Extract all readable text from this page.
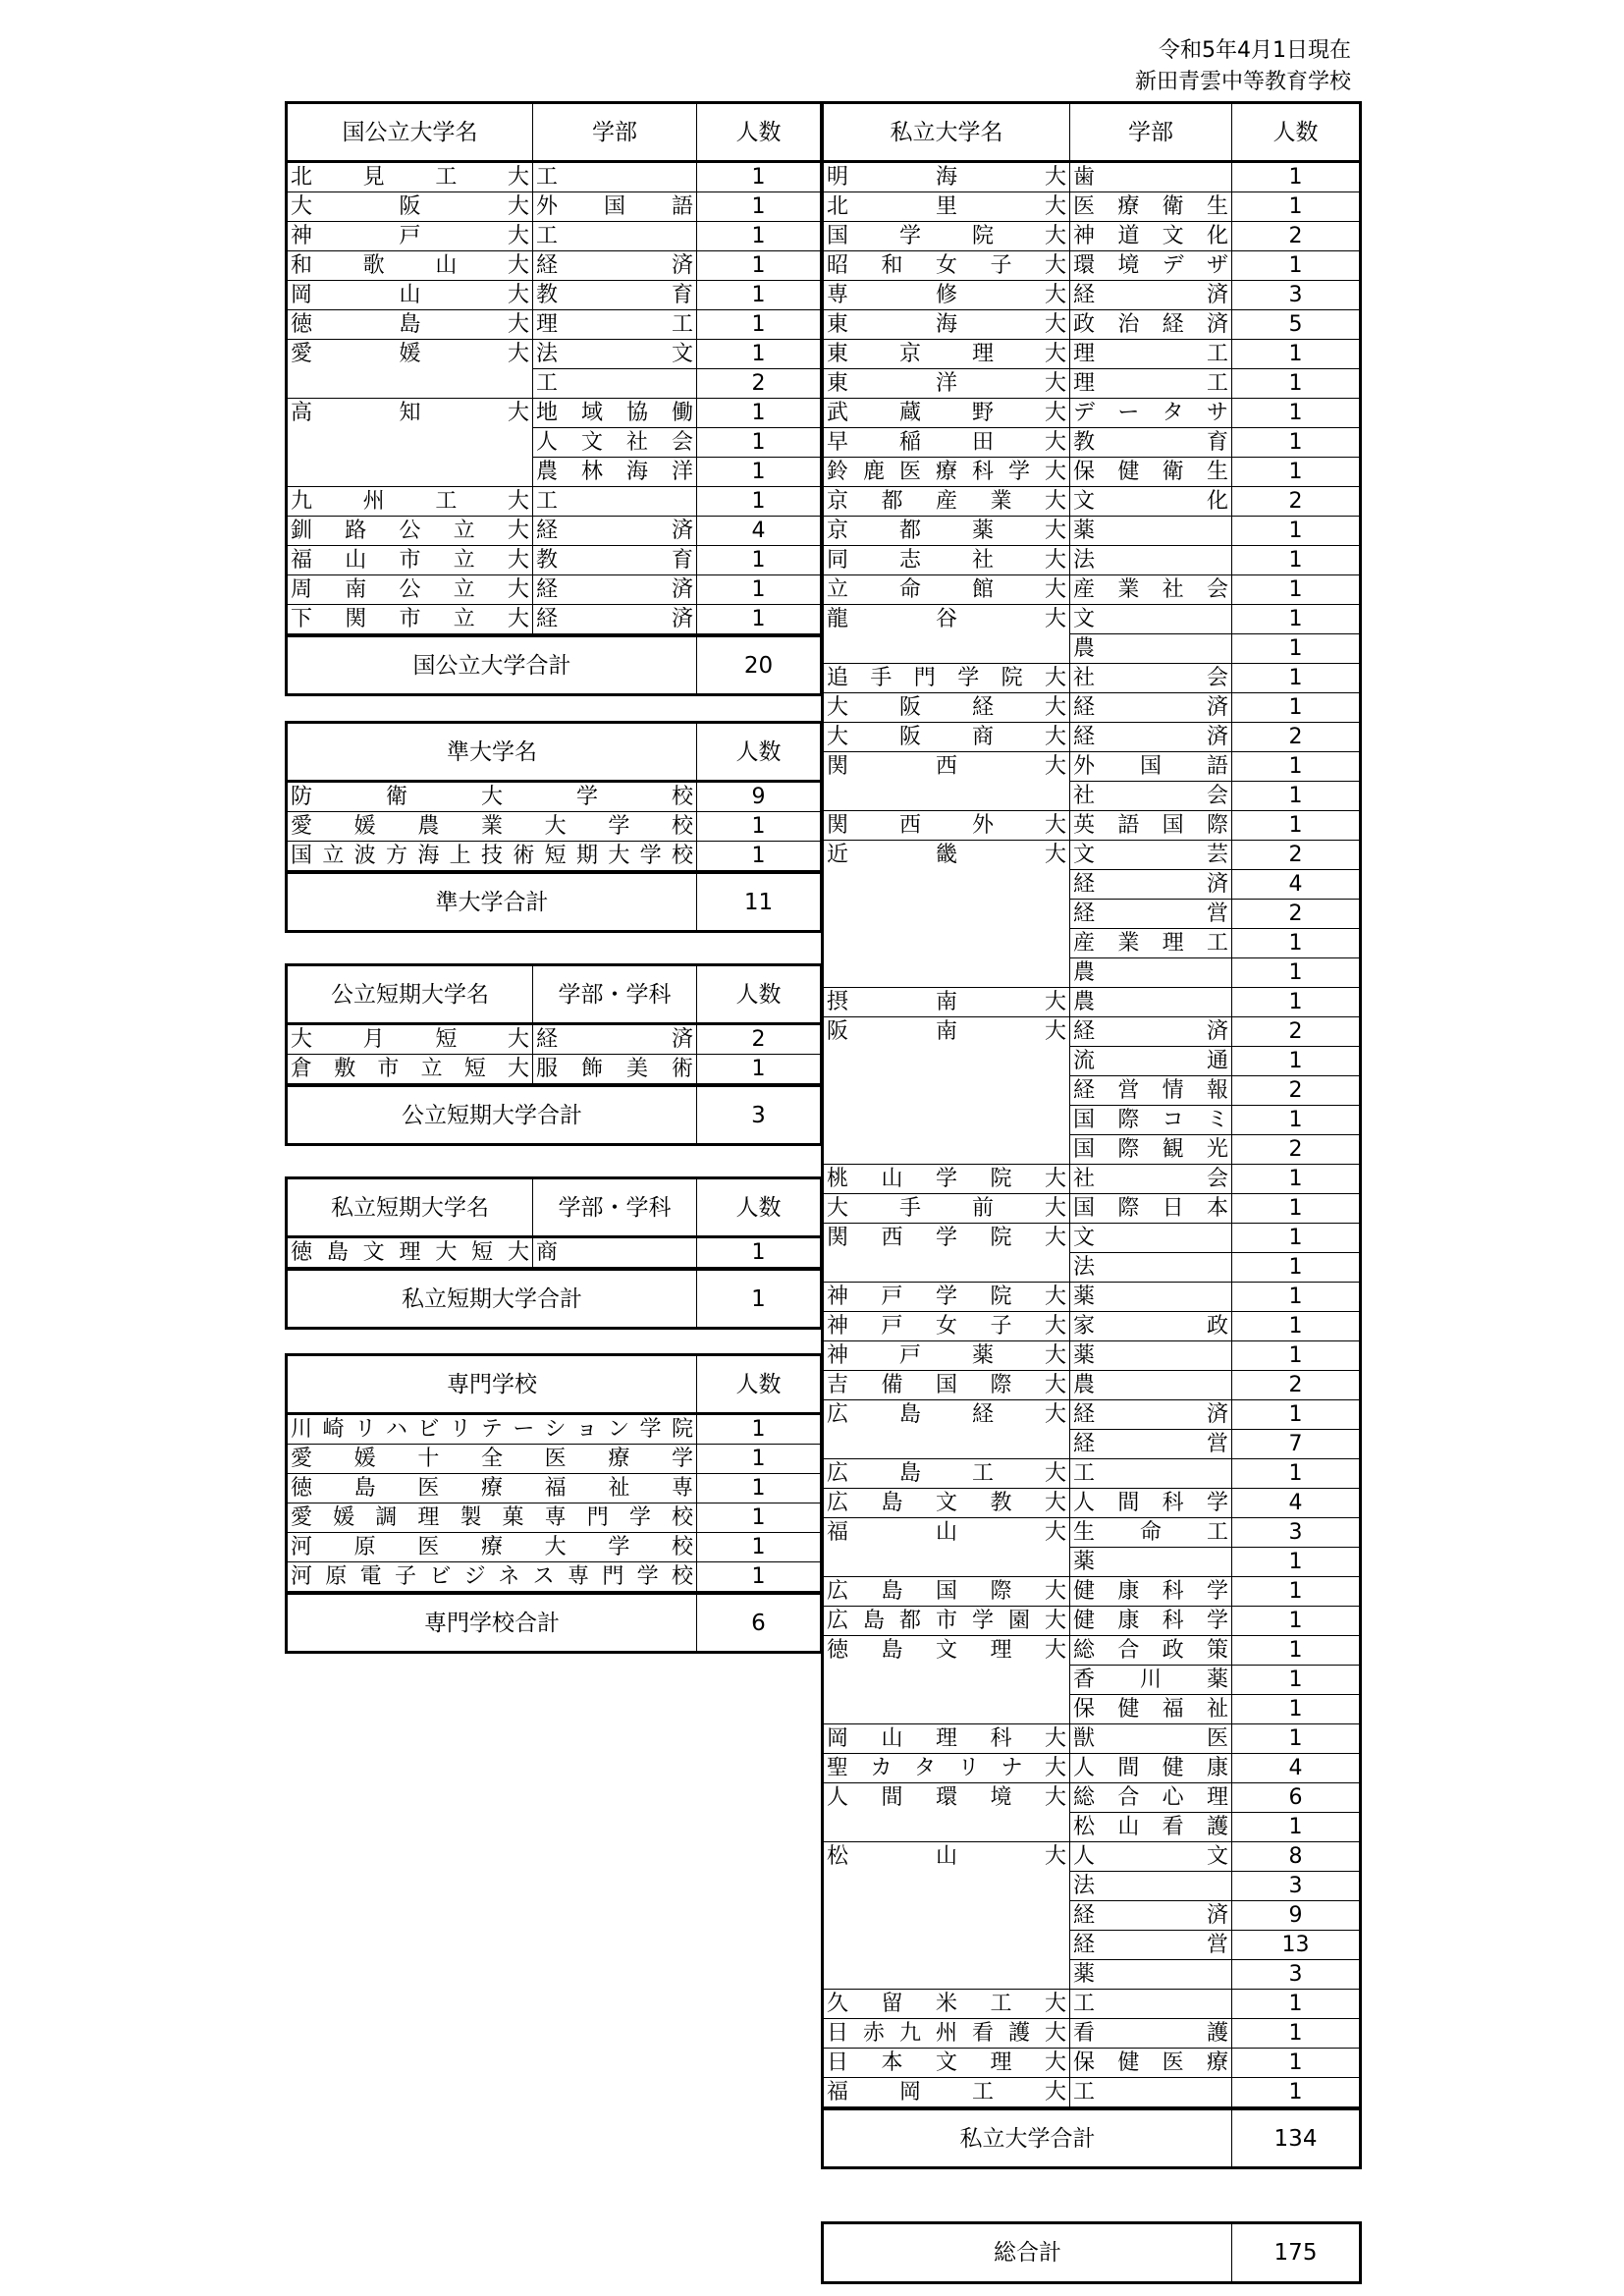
令和5年4月1日現在
新田青雲中等教育学校
国公立大学名	学部	人数
北見工大 工	1
大阪大 外国語	1
神戸大 工	1
和歌山大 経済	1
岡山大 教育	1
徳島大 理工	1
愛媛大 法文	1
工	2
高知大 地域協働	1
人文社会	1
農林海洋	1
九州工大 工	1
釧路公立大 経済	4
福山市立大 教育	1
周南公立大 経済	1
下関市立大 経済	1
国公立大学合計	20
準大学名	人数
防衛大学校	9
愛媛農業大学校	1
国立波方海上技術短期大学校	1
準大学合計	11
公立短期大学名	学部・学科	人数
大月短大 経済	2
倉敷市立短大 服飾美術	1
公立短期大学合計	3
私立短期大学名	学部・学科	人数
徳島文理大短大 商	1
私立短期大学合計	1
専門学校	人数
川崎リハビリテーション学院	1
愛媛十全医療学	1
徳島医療福祉専	1
愛媛調理製菓専門学校	1
河原医療大学校	1
河原電子ビジネス専門学校	1
専門学校合計	6
私立大学名	学部	人数
明海大 歯	1
北里大 医療衛生	1
国学院大 神道文化	2
昭和女子大 環境デザ	1
専修大 経済	3
東海大 政治経済	5
東京理大 理工	1
東洋大 理工	1
武蔵野大 データサ	1
早稲田大 教育	1
鈴鹿医療科学大 保健衛生	1
京都産業大 文化	2
京都薬大 薬	1
同志社大 法	1
立命館大 産業社会	1
龍谷大 文	1
農	1
追手門学院大 社会	1
大阪経大 経済	1
大阪商大 経済	2
関西大 外国語	1
社会	1
関西外大 英語国際	1
近畿大 文芸	2
経済	4
経営	2
産業理工	1
農	1
摂南大 農	1
阪南大 経済	2
流通	1
経営情報	2
国際コミ	1
国際観光	2
桃山学院大 社会	1
大手前大 国際日本	1
関西学院大 文	1
法	1
神戸学院大 薬	1
神戸女子大 家政	1
神戸薬大 薬	1
吉備国際大 農	2
広島経大 経済	1
経営	7
広島工大 工	1
広島文教大 人間科学	4
福山大 生命工	3
薬	1
広島国際大 健康科学	1
広島都市学園大 健康科学	1
徳島文理大 総合政策	1
香川薬	1
保健福祉	1
岡山理科大 獣医	1
聖カタリナ大 人間健康	4
人間環境大 総合心理	6
松山看護	1
松山大 人文	8
法	3
経済	9
経営	13
薬	3
久留米工大 工	1
日赤九州看護大 看護	1
日本文理大 保健医療	1
福岡工大 工	1
私立大学合計	134
総合計	175
